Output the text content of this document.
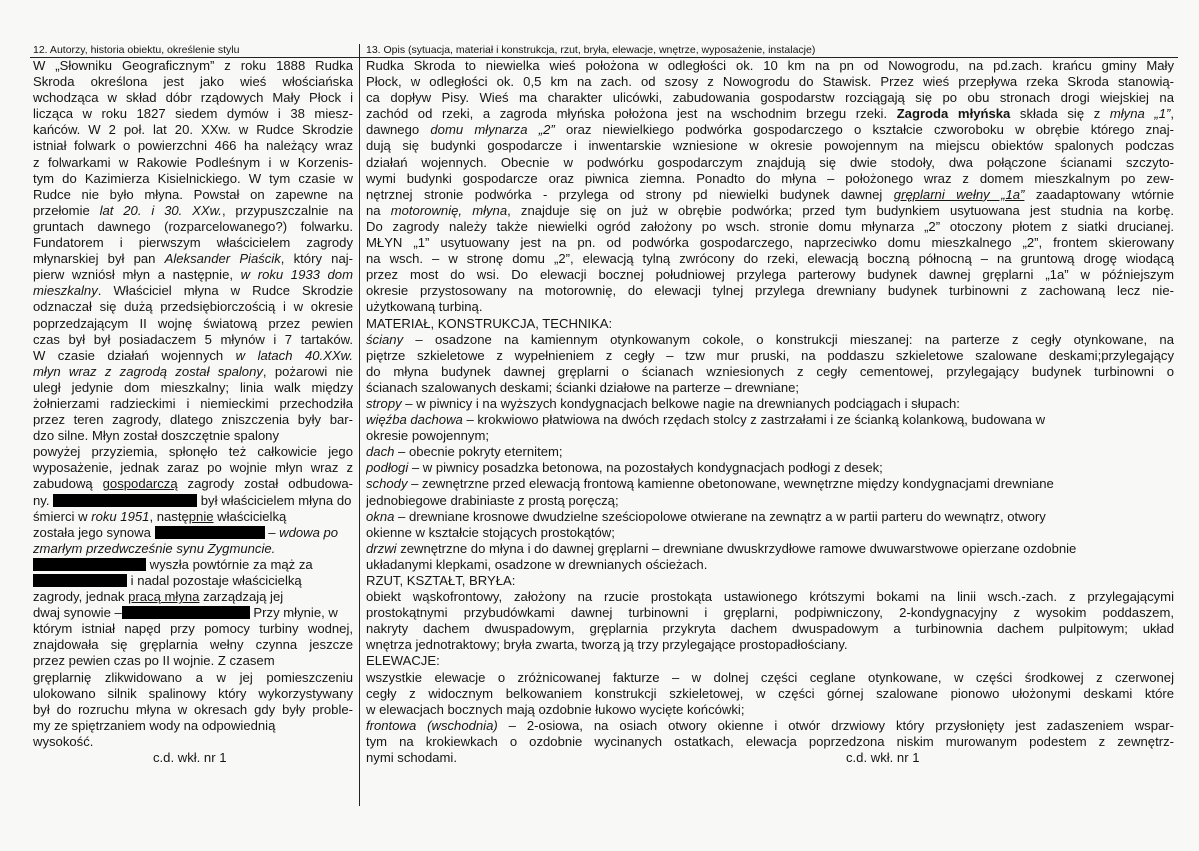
12. Autorzy, historia obiektu, określenie stylu	13. Opis (sytuacja, materiał i konstrukcja, rzut, bryła, elewacje, wnętrze, wyposażenie, instalacje)
W „Słowniku Geograficznym” z roku 1888 Rudka
Skroda określona jest jako wieś włościańska
wchodząca w skład dóbr rządowych Mały Płock i
licząca w roku 1827 siedem dymów i 38 miesz-
kańców. W 2 poł. lat 20. XXw. w Rudce Skrodzie
istniał folwark o powierzchni 466 ha należący wraz
z folwarkami w Rakowie Podleśnym i w Korzenis-
tym do Kazimierza Kisielnickiego. W tym czasie w
Rudce nie było młyna. Powstał on zapewne na
przełomie lat 20. i 30. XXw., przypuszczalnie na
gruntach dawnego (rozparcelowanego?) folwarku.
Fundatorem i pierwszym właścicielem zagrody
młynarskiej był pan Aleksander Piaścik, który naj-
pierw wzniósł młyn a następnie, w roku 1933 dom
mieszkalny. Właściciel młyna w Rudce Skrodzie
odznaczał się dużą przedsiębiorczością i w okresie
poprzedzającym II wojnę światową przez pewien
czas był był posiadaczem 5 młynów i 7 tartaków.
W czasie działań wojennych w latach 40.XXw.
młyn wraz z zagrodą został spalony, pożarowi nie
uległ jedynie dom mieszkalny; linia walk między
żołnierzami radzieckimi i niemieckimi przechodziła
przez teren zagrody, dlatego zniszczenia były bar-
dzo silne. Młyn został doszczętnie spalony
powyżej przyziemia, spłonęło też całkowicie jego
wyposażenie, jednak zaraz po wojnie młyn wraz z
zabudową gospodarczą zagrody został odbudowa-
ny.	był właścicielem młyna do
śmierci w roku 1951, następnie właścicielką
została jego synowa	– wdowa po
zmarłym przedwcześnie synu Zygmuncie.
wyszła powtórnie za mąż za
i nadal pozostaje właścicielką
zagrody, jednak pracą młyna zarządzają jej
dwaj synowie –	Przy młynie, w
którym istniał napęd przy pomocy turbiny wodnej,
znajdowała się gręplarnia wełny czynna jeszcze
przez pewien czas po II wojnie. Z czasem
gręplarnię zlikwidowano a w jej pomieszczeniu
ulokowano silnik spalinowy który wykorzystywany
był do rozruchu młyna w okresach gdy były proble-
my ze spiętrzaniem wody na odpowiednią
wysokość.
c.d. wkł. nr 1
Rudka Skroda to niewielka wieś położona w odległości ok. 10 km na pn od Nowogrodu, na pd.zach. krańcu gminy Mały
Płock, w odległości ok. 0,5 km na zach. od szosy z Nowogrodu do Stawisk. Przez wieś przepływa rzeka Skroda stanowią-
ca dopływ Pisy. Wieś ma charakter ulicówki, zabudowania gospodarstw rozciągają się po obu stronach drogi wiejskiej na
zachód od rzeki, a zagroda młyńska położona jest na wschodnim brzegu rzeki. Zagroda młyńska składa się z młyna „1”,
dawnego domu młynarza „2” oraz niewielkiego podwórka gospodarczego o kształcie czworoboku w obrębie którego znaj-
dują się budynki gospodarcze i inwentarskie wzniesione w okresie powojennym na miejscu obiektów spalonych podczas
działań wojennych. Obecnie w podwórku gospodarczym znajdują się dwie stodoły, dwa połączone ścianami szczyto-
wymi budynki gospodarcze oraz piwnica ziemna. Ponadto do młyna – położonego wraz z domem mieszkalnym po zew-
nętrznej stronie podwórka - przylega od strony pd niewielki budynek dawnej gręplarni wełny „1a” zaadaptowany wtórnie
na motorownię, młyna, znajduje się on już w obrębie podwórka; przed tym budynkiem usytuowana jest studnia na korbę.
Do zagrody należy także niewielki ogród założony po wsch. stronie domu młynarza „2” otoczony płotem z siatki drucianej.
MŁYN „1” usytuowany jest na pn. od podwórka gospodarczego, naprzeciwko domu mieszkalnego „2”, frontem skierowany
na wsch. – w stronę domu „2”, elewacją tylną zwrócony do rzeki, elewacją boczną północną – na gruntową drogę wiodącą
przez most do wsi. Do elewacji bocznej południowej przylega parterowy budynek dawnej gręplarni „1a” w późniejszym
okresie przystosowany na motorownię, do elewacji tylnej przylega drewniany budynek turbinowni z zachowaną lecz nie-
użytkowaną turbiną.
MATERIAŁ, KONSTRUKCJA, TECHNIKA:
ściany – osadzone na kamiennym otynkowanym cokole, o konstrukcji mieszanej: na parterze z cegły otynkowane, na
piętrze szkieletowe z wypełnieniem z cegły – tzw mur pruski, na poddaszu szkieletowe szalowane deskami;przylegający
do młyna budynek dawnej gręplarni o ścianach wzniesionych z cegły cementowej, przylegający budynek turbinowni o
ścianach szalowanych deskami; ścianki działowe na parterze – drewniane;
stropy – w piwnicy i na wyższych kondygnacjach belkowe nagie na drewnianych podciągach i słupach:
więźba dachowa – krokwiowo płatwiowa na dwóch rzędach stolcy z zastrzałami i ze ścianką kolankową, budowana w
okresie powojennym;
dach – obecnie pokryty eternitem;
podłogi – w piwnicy posadzka betonowa, na pozostałych kondygnacjach podłogi z desek;
schody – zewnętrzne przed elewacją frontową kamienne obetonowane, wewnętrzne między kondygnacjami drewniane
jednobiegowe drabiniaste z prostą poręczą;
okna – drewniane krosnowe dwudzielne sześciopolowe otwierane na zewnątrz a w partii parteru do wewnątrz, otwory
okienne w kształcie stojących prostokątów;
drzwi zewnętrzne do młyna i do dawnej gręplarni – drewniane dwuskrzydłowe ramowe dwuwarstwowe opierzane ozdobnie
układanymi klepkami, osadzone w drewnianych ościeżach.
RZUT, KSZTAŁT, BRYŁA:
obiekt wąskofrontowy, założony na rzucie prostokąta ustawionego krótszymi bokami na linii wsch.-zach. z przylegającymi
prostokątnymi przybudówkami dawnej turbinowni i gręplarni, podpiwniczony, 2-kondygnacyjny z wysokim poddaszem,
nakryty dachem dwuspadowym, gręplarnia przykryta dachem dwuspadowym a turbinownia dachem pulpitowym; układ
wnętrza jednotraktowy; bryła zwarta, tworzą ją trzy przylegające prostopadłościany.
ELEWACJE:
wszystkie elewacje o zróżnicowanej fakturze – w dolnej części ceglane otynkowane, w części środkowej z czerwonej
cegły z widocznym belkowaniem konstrukcji szkieletowej, w części górnej szalowane pionowo ułożonymi deskami które
w elewacjach bocznych mają ozdobnie łukowo wycięte końcówki;
frontowa (wschodnia) – 2-osiowa, na osiach otwory okienne i otwór drzwiowy który przysłonięty jest zadaszeniem wspar-
tym na krokiewkach o ozdobnie wycinanych ostatkach, elewacja poprzedzona niskim murowanym podestem z zewnętrz-
nymi schodami.	c.d. wkł. nr 1
